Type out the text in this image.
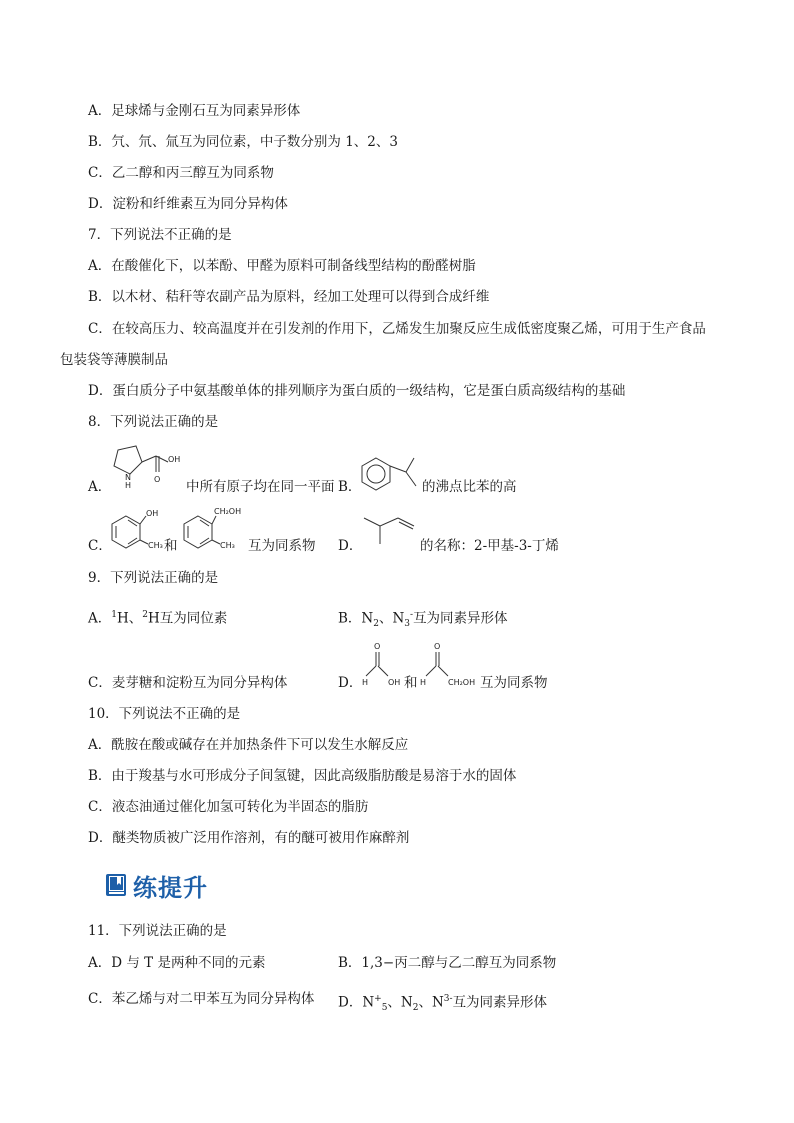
A．足球烯与金刚石互为同素异形体
B．氕、氘、氚互为同位素，中子数分别为 1、2、3
C．乙二醇和丙三醇互为同系物
D．淀粉和纤维素互为同分异构体
7．下列说法不正确的是
A．在酸催化下，以苯酚、甲醛为原料可制备线型结构的酚醛树脂
B．以木材、秸秆等农副产品为原料，经加工处理可以得到合成纤维
C．在较高压力、较高温度并在引发剂的作用下，乙烯发生加聚反应生成低密度聚乙烯，可用于生产食品
包装袋等薄膜制品
D．蛋白质分子中氨基酸单体的排列顺序为蛋白质的一级结构，它是蛋白质高级结构的基础
8．下列说法正确的是
A．
OH
N
H
O 中所有原子均在同一平面 B．	的沸点比苯的高
C．
OH
CH₃ 和
CH₂OH
CH₃ 互为同系物 D．	的名称：2-甲基-3-丁烯
9．下列说法正确的是
A．$^1$H、$^2$H互为同位素	B．$N_2$、$N_3^-$互为同素异形体
C．麦芽糖和淀粉互为同分异构体	D．
O
H OH 和
O
H	CH₂OH 互为同系物
10．下列说法不正确的是
A．酰胺在酸或碱存在并加热条件下可以发生水解反应
B．由于羧基与水可形成分子间氢键，因此高级脂肪酸是易溶于水的固体
C．液态油通过催化加氢可转化为半固态的脂肪
D．醚类物质被广泛用作溶剂，有的醚可被用作麻醉剂
练提升
11．下列说法正确的是
A．D 与 T 是两种不同的元素	B．1,3−丙二醇与乙二醇互为同系物
C．苯乙烯与对二甲苯互为同分异构体 D．$N^+_5$、$N_2$、$N^{3-}$互为同素异形体
